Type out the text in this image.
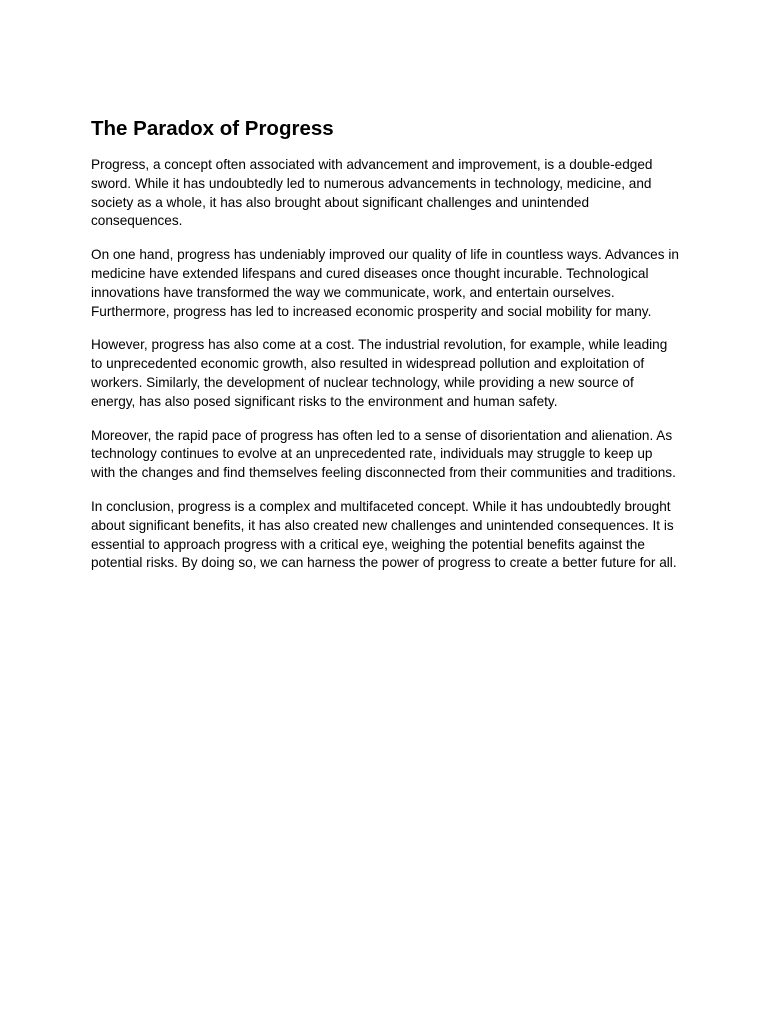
The Paradox of Progress

Progress, a concept often associated with advancement and improvement, is a double-edged sword. While it has undoubtedly led to numerous advancements in technology, medicine, and society as a whole, it has also brought about significant challenges and unintended consequences.

On one hand, progress has undeniably improved our quality of life in countless ways. Advances in medicine have extended lifespans and cured diseases once thought incurable. Technological innovations have transformed the way we communicate, work, and entertain ourselves. Furthermore, progress has led to increased economic prosperity and social mobility for many.

However, progress has also come at a cost. The industrial revolution, for example, while leading to unprecedented economic growth, also resulted in widespread pollution and exploitation of workers. Similarly, the development of nuclear technology, while providing a new source of energy, has also posed significant risks to the environment and human safety.

Moreover, the rapid pace of progress has often led to a sense of disorientation and alienation. As technology continues to evolve at an unprecedented rate, individuals may struggle to keep up with the changes and find themselves feeling disconnected from their communities and traditions.

In conclusion, progress is a complex and multifaceted concept. While it has undoubtedly brought about significant benefits, it has also created new challenges and unintended consequences. It is essential to approach progress with a critical eye, weighing the potential benefits against the potential risks. By doing so, we can harness the power of progress to create a better future for all.
